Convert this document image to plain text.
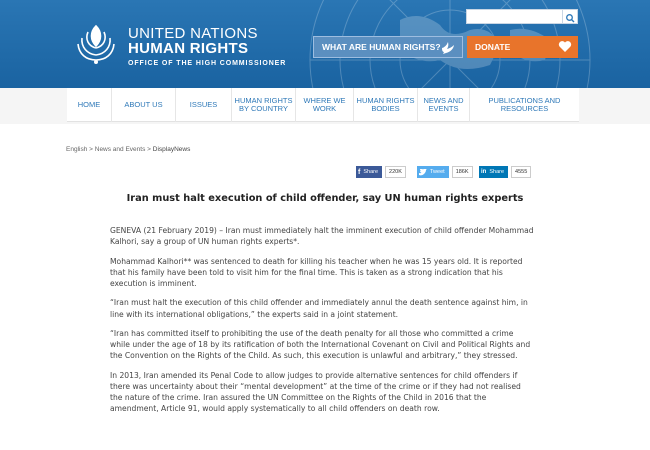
UNITED NATIONS
HUMAN RIGHTS
OFFICE OF THE HIGH COMMISSIONER
WHAT ARE HUMAN RIGHTS?	DONATE
HOME	ABOUT US	ISSUES	HUMAN RIGHTS BY COUNTRY
WHERE WE WORK
HUMAN RIGHTS BODIES
NEWS AND EVENTS
PUBLICATIONS AND RESOURCES
English > News and Events > DisplayNews
f Share	220K	Tweet	186K	in Share	4555
Iran must halt execution of child offender, say UN human rights experts

GENEVA (21 February 2019) – Iran must immediately halt the imminent execution of child offender Mohammad Kalhori, say a group of UN human rights experts*.

Mohammad Kalhori** was sentenced to death for killing his teacher when he was 15 years old. It is reported that his family have been told to visit him for the final time. This is taken as a strong indication that his execution is imminent.

“Iran must halt the execution of this child offender and immediately annul the death sentence against him, in line with its international obligations,” the experts said in a joint statement.

“Iran has committed itself to prohibiting the use of the death penalty for all those who committed a crime while under the age of 18 by its ratification of both the International Covenant on Civil and Political Rights and the Convention on the Rights of the Child. As such, this execution is unlawful and arbitrary,” they stressed.

In 2013, Iran amended its Penal Code to allow judges to provide alternative sentences for child offenders if there was uncertainty about their “mental development” at the time of the crime or if they had not realised the nature of the crime. Iran assured the UN Committee on the Rights of the Child in 2016 that the amendment, Article 91, would apply systematically to all child offenders on death row.
